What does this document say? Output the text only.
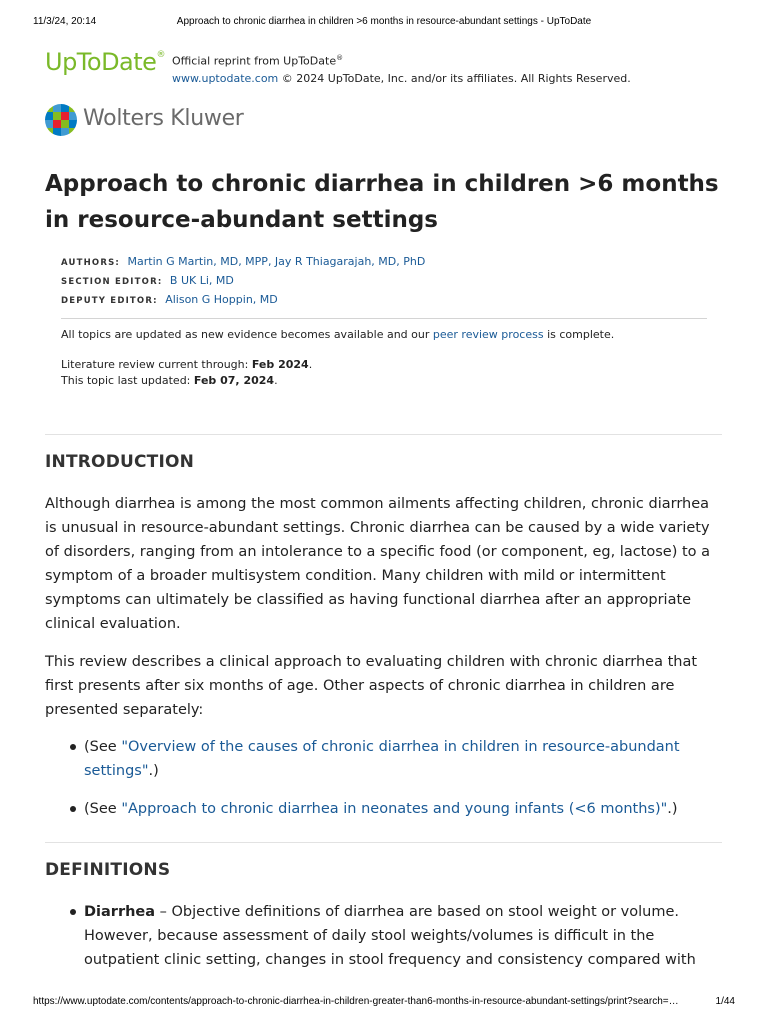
11/3/24, 20:14	Approach to chronic diarrhea in children >6 months in resource-abundant settings - UpToDate
UpToDate® Official reprint from UpToDate®
www.uptodate.com © 2024 UpToDate, Inc. and/or its affiliates. All Rights Reserved.
Wolters Kluwer
Approach to chronic diarrhea in children >6 months in resource-abundant settings
AUTHORS: Martin G Martin, MD, MPP, Jay R Thiagarajah, MD, PhD
SECTION EDITOR: B UK Li, MD
DEPUTY EDITOR: Alison G Hoppin, MD
All topics are updated as new evidence becomes available and our peer review process is complete.
Literature review current through: Feb 2024.
This topic last updated: Feb 07, 2024.
INTRODUCTION

Although diarrhea is among the most common ailments affecting children, chronic diarrhea is unusual in resource-abundant settings. Chronic diarrhea can be caused by a wide variety of disorders, ranging from an intolerance to a specific food (or component, eg, lactose) to a symptom of a broader multisystem condition. Many children with mild or intermittent symptoms can ultimately be classified as having functional diarrhea after an appropriate clinical evaluation.

This review describes a clinical approach to evaluating children with chronic diarrhea that first presents after six months of age. Other aspects of chronic diarrhea in children are presented separately:

(See "Overview of the causes of chronic diarrhea in children in resource-abundant settings".)
(See "Approach to chronic diarrhea in neonates and young infants (<6 months)".)
DEFINITIONS
Diarrhea – Objective definitions of diarrhea are based on stool weight or volume. However, because assessment of daily stool weights/volumes is difficult in the outpatient clinic setting, changes in stool frequency and consistency compared with
https://www.uptodate.com/contents/approach-to-chronic-diarrhea-in-children-greater-than6-months-in-resource-abundant-settings/print?search=…	1/44
